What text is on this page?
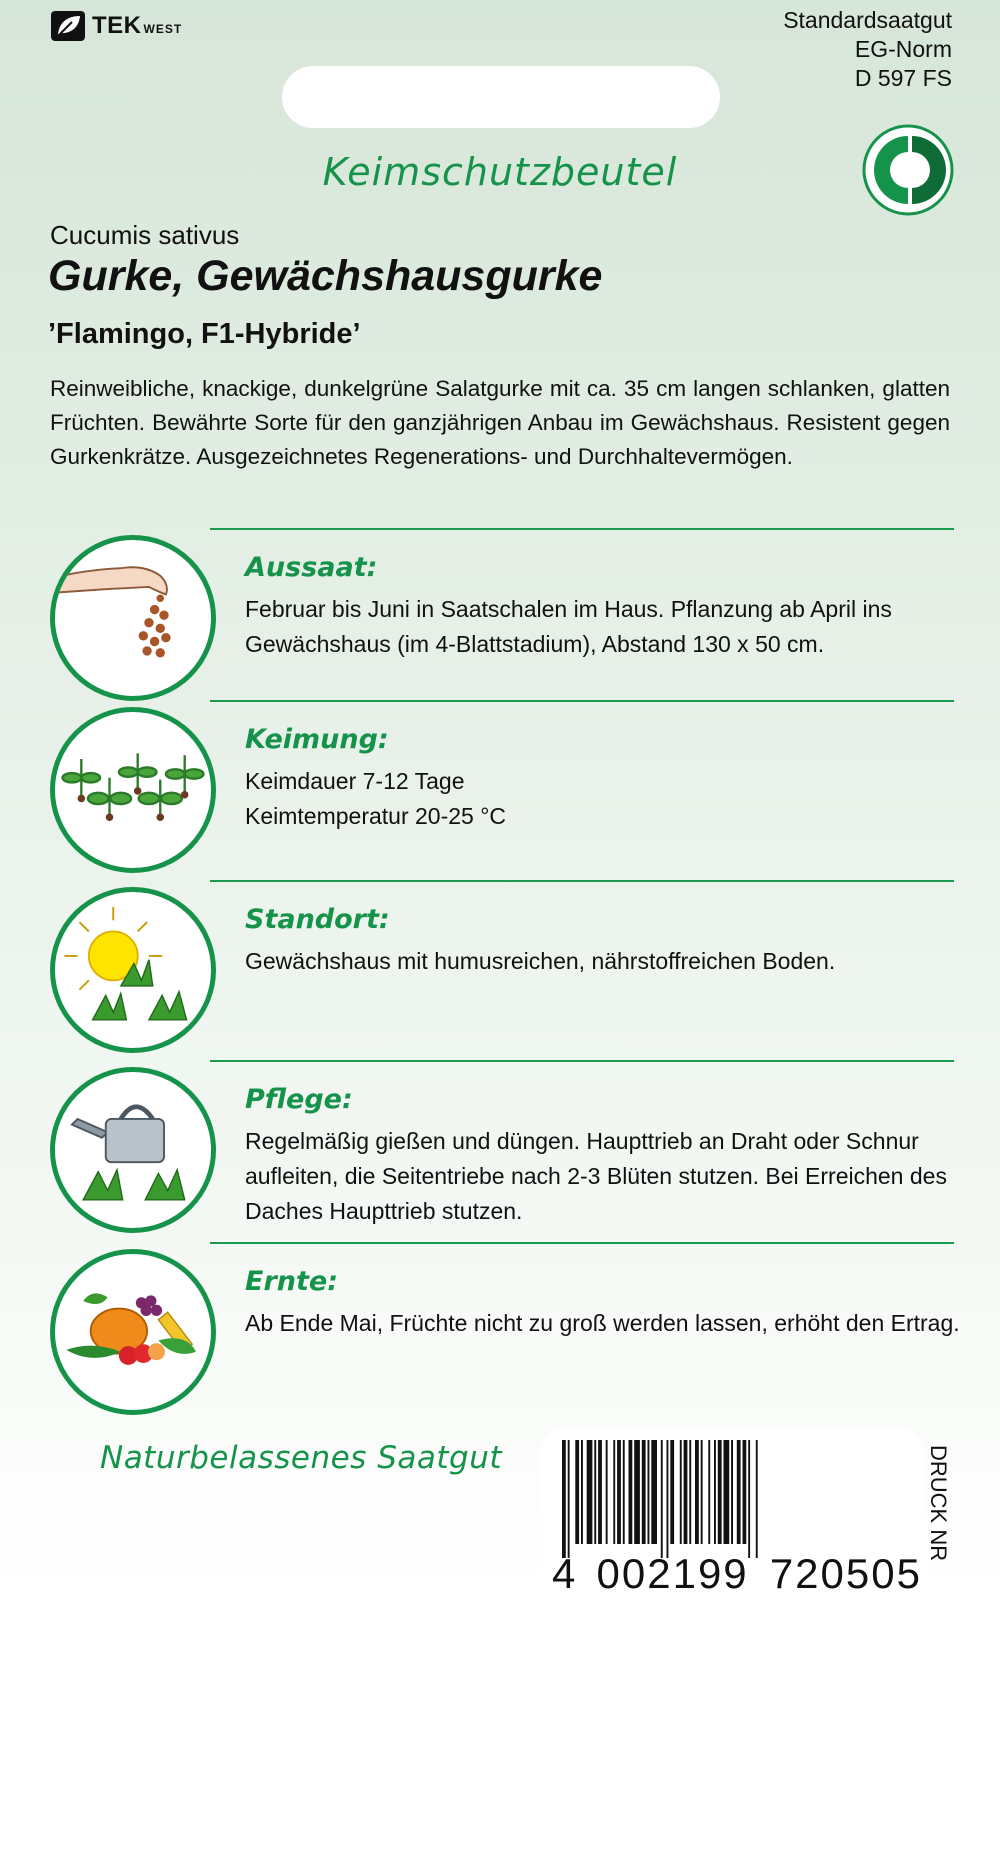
TEK WEST	Standardsaatgut
EG-Norm
D 597 FS
Keimschutzbeutel
Cucumis sativus
Gurke, Gewächshausgurke
’Flamingo, F1-Hybride’
Reinweibliche, knackige, dunkelgrüne Salatgurke mit ca. 35 cm langen schlanken, glatten Früchten. Bewährte Sorte für den ganzjährigen Anbau im Gewächshaus. Resistent gegen Gurkenkrätze. Ausgezeichnetes Regenerations- und Durchhaltevermögen.
Aussaat:
Februar bis Juni in Saatschalen im Haus. Pflanzung ab April ins Gewächshaus (im 4-Blattstadium), Abstand 130 x 50 cm.
Keimung:
Keimdauer 7-12 Tage
Keimtemperatur 20-25 °C
Standort:
Gewächshaus mit humusreichen, nährstoffreichen Boden.
Pflege:
Regelmäßig gießen und düngen. Haupttrieb an Draht oder Schnur aufleiten, die Seitentriebe nach 2-3 Blüten stutzen. Bei Erreichen des Daches Haupttrieb stutzen.
Ernte:
Ab Ende Mai, Früchte nicht zu groß werden lassen, erhöht den Ertrag.
Naturbelassenes Saatgut
4 002199 720505
DRUCK NR
